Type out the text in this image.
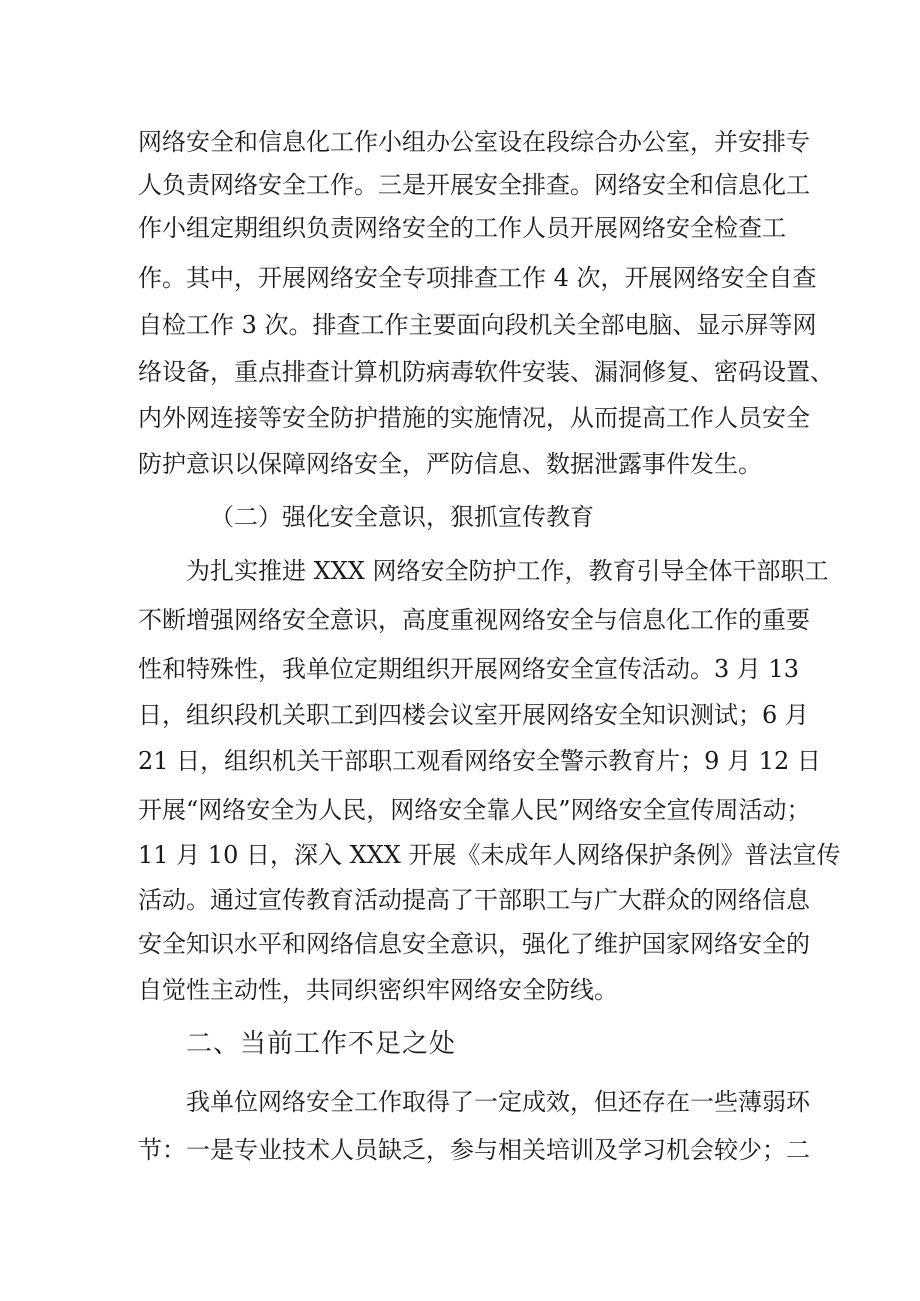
网络安全和信息化工作小组办公室设在段综合办公室，并安排专
人负责网络安全工作。三是开展安全排查。网络安全和信息化工
作小组定期组织负责网络安全的工作人员开展网络安全检查工
作。其中，开展网络安全专项排查工作 4 次，开展网络安全自查
自检工作 3 次。排查工作主要面向段机关全部电脑、显示屏等网
络设备，重点排查计算机防病毒软件安装、漏洞修复、密码设置、
内外网连接等安全防护措施的实施情况，从而提高工作人员安全
防护意识以保障网络安全，严防信息、数据泄露事件发生。
（二）强化安全意识，狠抓宣传教育
为扎实推进 XXX 网络安全防护工作，教育引导全体干部职工
不断增强网络安全意识，高度重视网络安全与信息化工作的重要
性和特殊性，我单位定期组织开展网络安全宣传活动。3 月 13
日，组织段机关职工到四楼会议室开展网络安全知识测试；6 月
21 日，组织机关干部职工观看网络安全警示教育片；9 月 12 日
开展“网络安全为人民，网络安全靠人民”网络安全宣传周活动；
11 月 10 日，深入 XXX 开展《未成年人网络保护条例》普法宣传
活动。通过宣传教育活动提高了干部职工与广大群众的网络信息
安全知识水平和网络信息安全意识，强化了维护国家网络安全的
自觉性主动性，共同织密织牢网络安全防线。
二、当前工作不足之处
我单位网络安全工作取得了一定成效，但还存在一些薄弱环
节：一是专业技术人员缺乏，参与相关培训及学习机会较少；二
